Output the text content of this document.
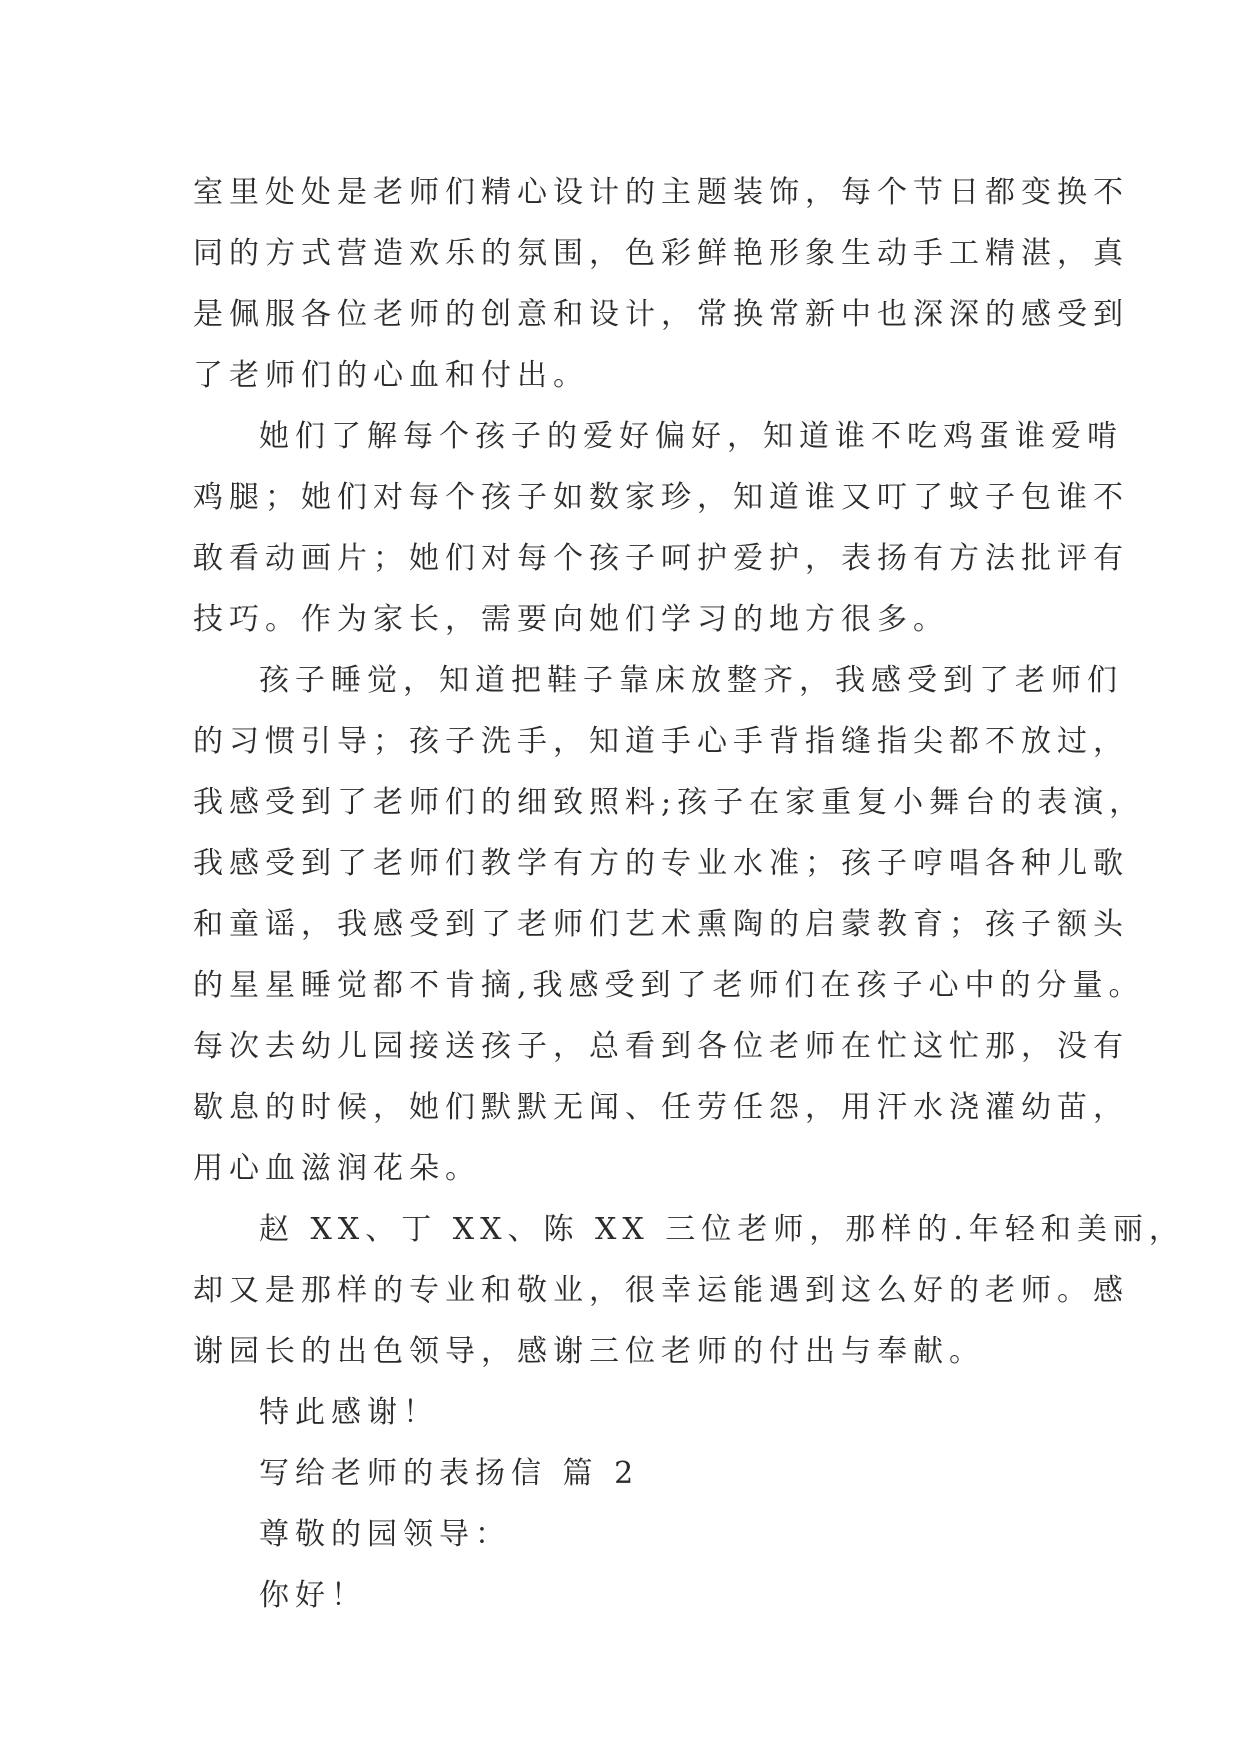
室里处处是老师们精心设计的主题装饰，每个节日都变换不
同的方式营造欢乐的氛围，色彩鲜艳形象生动手工精湛，真
是佩服各位老师的创意和设计，常换常新中也深深的感受到
了老师们的心血和付出。
她们了解每个孩子的爱好偏好，知道谁不吃鸡蛋谁爱啃
鸡腿；她们对每个孩子如数家珍，知道谁又叮了蚊子包谁不
敢看动画片；她们对每个孩子呵护爱护，表扬有方法批评有
技巧。作为家长，需要向她们学习的地方很多。
孩子睡觉，知道把鞋子靠床放整齐，我感受到了老师们
的习惯引导；孩子洗手，知道手心手背指缝指尖都不放过，
我感受到了老师们的细致照料;孩子在家重复小舞台的表演，
我感受到了老师们教学有方的专业水准；孩子哼唱各种儿歌
和童谣，我感受到了老师们艺术熏陶的启蒙教育；孩子额头
的星星睡觉都不肯摘,我感受到了老师们在孩子心中的分量。
每次去幼儿园接送孩子，总看到各位老师在忙这忙那，没有
歇息的时候，她们默默无闻、任劳任怨，用汗水浇灌幼苗，
用心血滋润花朵。
赵 XX、丁 XX、陈 XX 三位老师，那样的.年轻和美丽，
却又是那样的专业和敬业，很幸运能遇到这么好的老师。感
谢园长的出色领导，感谢三位老师的付出与奉献。
特此感谢！
写给老师的表扬信 篇 2
尊敬的园领导：
你好！
